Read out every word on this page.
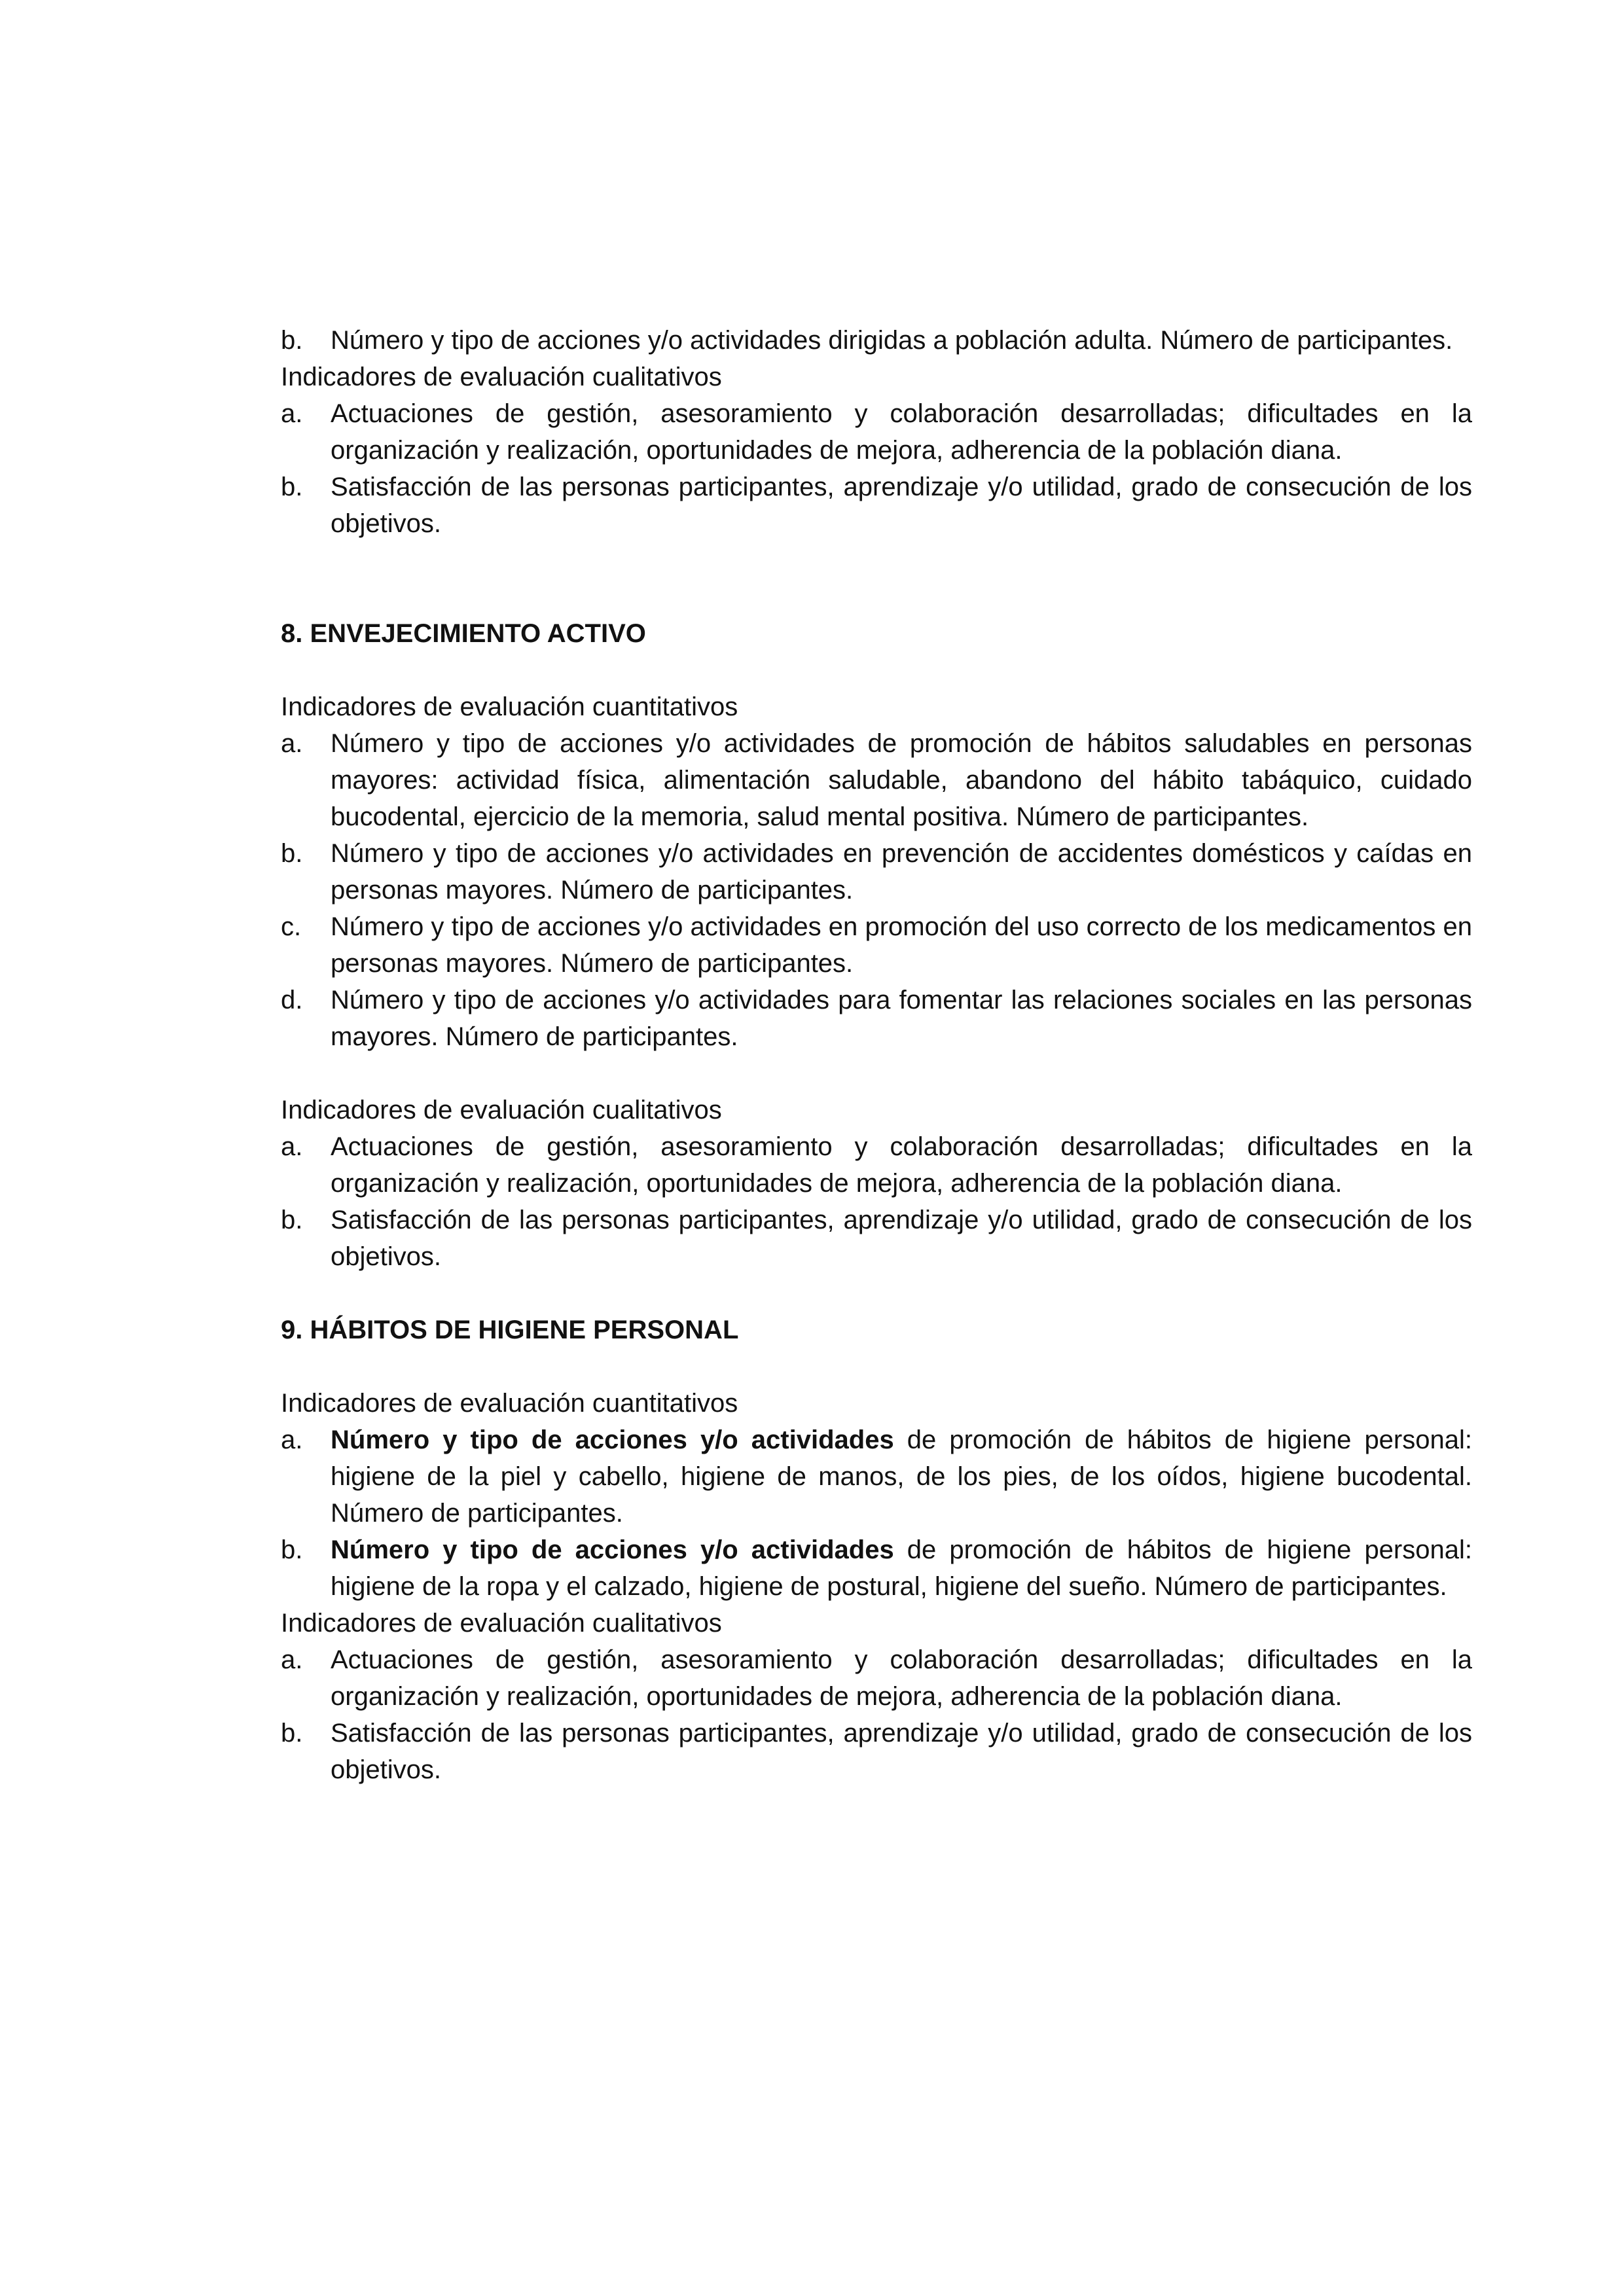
b.	Número y tipo de acciones y/o actividades dirigidas a población adulta. Número de participantes.

Indicadores de evaluación cualitativos

a.	Actuaciones de gestión, asesoramiento y colaboración desarrolladas; dificultades en la organización y realización, oportunidades de mejora, adherencia de la población diana.
b.	Satisfacción de las personas participantes, aprendizaje y/o utilidad, grado de consecución de los objetivos.

8. ENVEJECIMIENTO ACTIVO

Indicadores de evaluación cuantitativos

a.	Número y tipo de acciones y/o actividades de promoción de hábitos saludables en personas mayores: actividad física, alimentación saludable, abandono del hábito tabáquico, cuidado bucodental, ejercicio de la memoria, salud mental positiva. Número de participantes.
b.	Número y tipo de acciones y/o actividades en prevención de accidentes domésticos y caídas en personas mayores. Número de participantes.
c.	Número y tipo de acciones y/o actividades en promoción del uso correcto de los medicamentos en personas mayores. Número de participantes.
d.	Número y tipo de acciones y/o actividades para fomentar las relaciones sociales en las personas mayores. Número de participantes.

Indicadores de evaluación cualitativos

a.	Actuaciones de gestión, asesoramiento y colaboración desarrolladas; dificultades en la organización y realización, oportunidades de mejora, adherencia de la población diana.
b.	Satisfacción de las personas participantes, aprendizaje y/o utilidad, grado de consecución de los objetivos.

9. HÁBITOS DE HIGIENE PERSONAL

Indicadores de evaluación cuantitativos

a.	Número y tipo de acciones y/o actividades de promoción de hábitos de higiene personal: higiene de la piel y cabello, higiene de manos, de los pies, de los oídos, higiene bucodental. Número de participantes.
b.	Número y tipo de acciones y/o actividades de promoción de hábitos de higiene personal: higiene de la ropa y el calzado, higiene de postural, higiene del sueño. Número de participantes.

Indicadores de evaluación cualitativos

a.	Actuaciones de gestión, asesoramiento y colaboración desarrolladas; dificultades en la organización y realización, oportunidades de mejora, adherencia de la población diana.
b.	Satisfacción de las personas participantes, aprendizaje y/o utilidad, grado de consecución de los objetivos.
